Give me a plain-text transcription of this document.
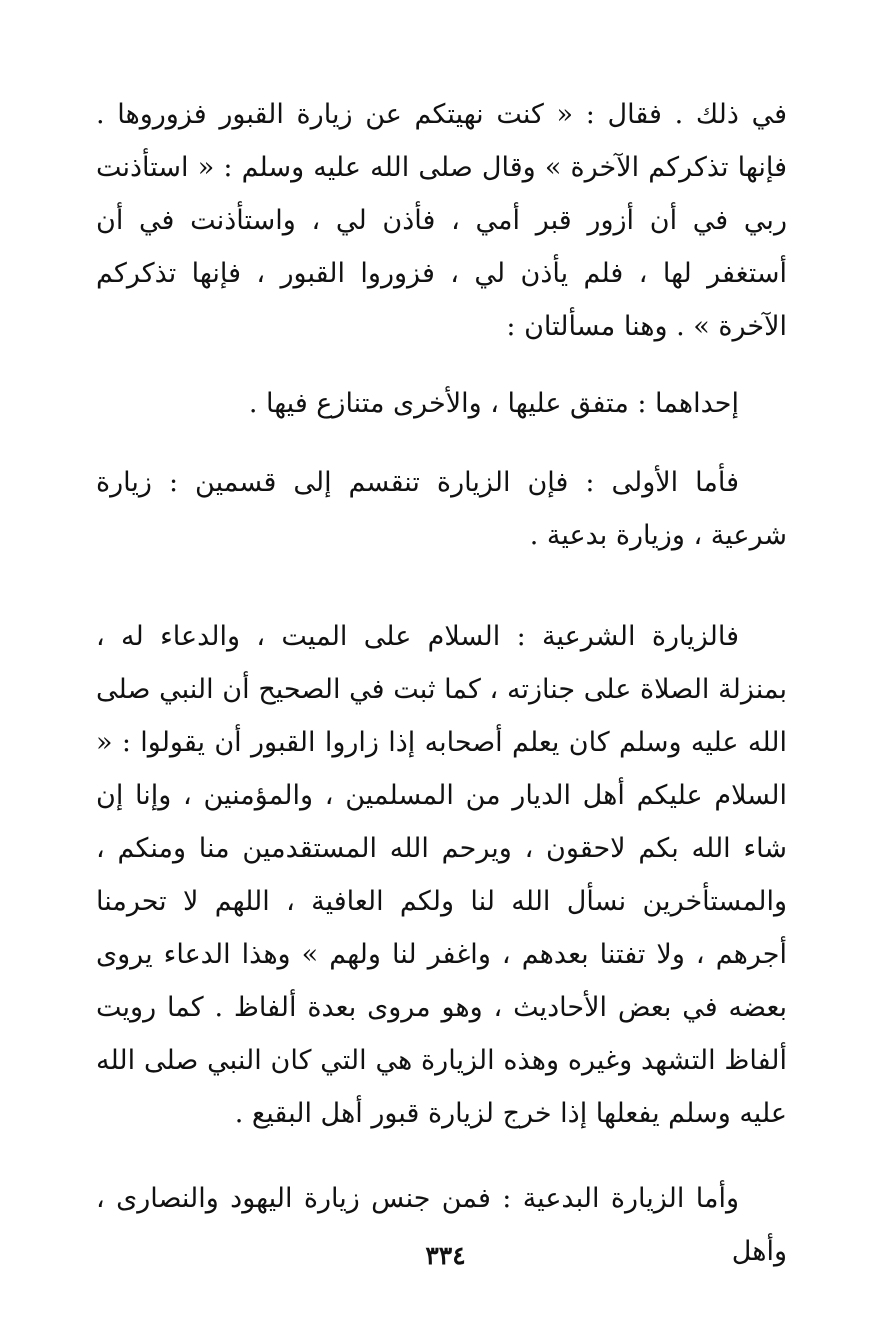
في ذلك . فقال : « كنت نهيتكم عن زيارة القبور فزوروها . فإنها تذكركم الآخرة » وقال صلى الله عليه وسلم : « استأذنت ربي في أن أزور قبر أمي ، فأذن لي ، واستأذنت في أن أستغفر لها ، فلم يأذن لي ، فزوروا القبور ، فإنها تذكركم الآخرة » . وهنا مسألتان :

إحداهما : متفق عليها ، والأخرى متنازع فيها .

فأما الأولى : فإن الزيارة تنقسم إلى قسمين : زيارة شرعية ، وزيارة بدعية .

فالزيارة الشرعية : السلام على الميت ، والدعاء له ، بمنزلة الصلاة على جنازته ، كما ثبت في الصحيح أن النبي صلى الله عليه وسلم كان يعلم أصحابه إذا زاروا القبور أن يقولوا : « السلام عليكم أهل الديار من المسلمين ، والمؤمنين ، وإنا إن شاء الله بكم لاحقون ، ويرحم الله المستقدمين منا ومنكم ، والمستأخرين نسأل الله لنا ولكم العافية ، اللهم لا تحرمنا أجرهم ، ولا تفتنا بعدهم ، واغفر لنا ولهم » وهذا الدعاء يروى بعضه في بعض الأحاديث ، وهو مروى بعدة ألفاظ . كما رويت ألفاظ التشهد وغيره وهذه الزيارة هي التي كان النبي صلى الله عليه وسلم يفعلها إذا خرج لزيارة قبور أهل البقيع .

وأما الزيارة البدعية : فمن جنس زيارة اليهود والنصارى ، وأهل

٣٣٤
